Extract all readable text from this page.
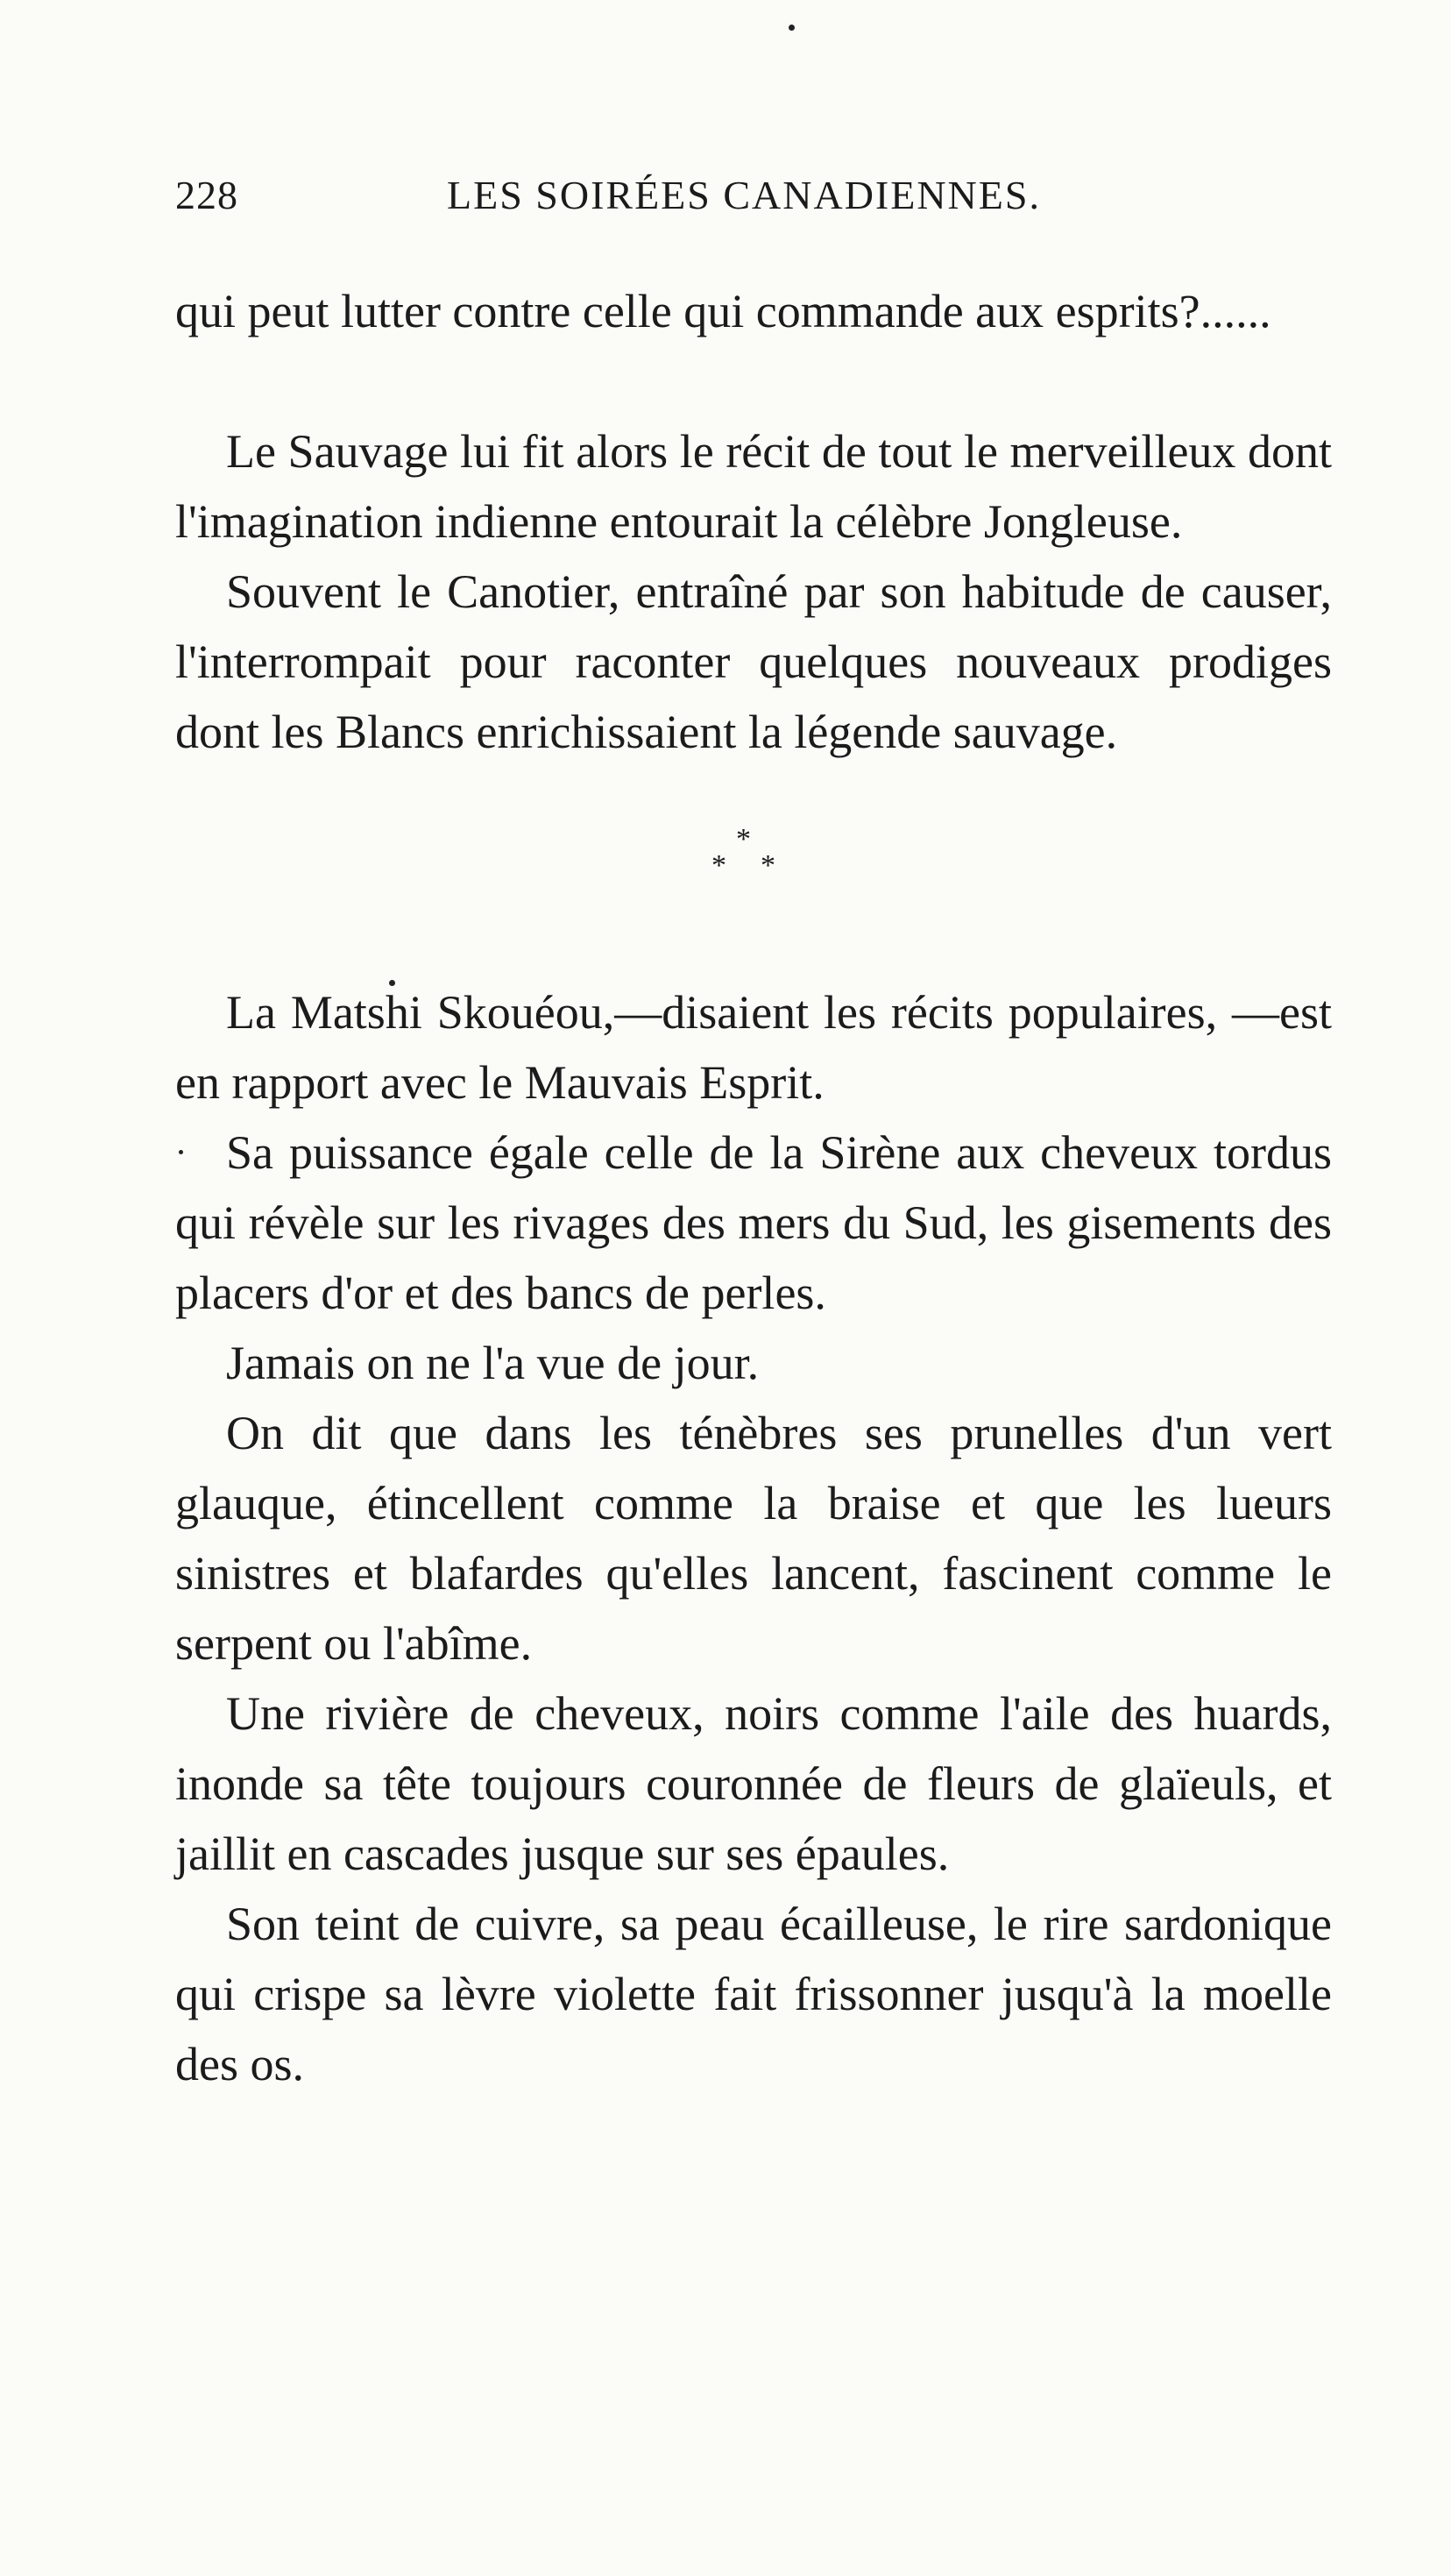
228	LES SOIRÉES CANADIENNES.

qui peut lutter contre celle qui commande aux esprits?......

Le Sauvage lui fit alors le récit de tout le merveilleux dont l'imagination indienne entourait la célèbre Jongleuse.

Souvent le Canotier, entraîné par son habitude de causer, l'interrompait pour raconter quelques nouveaux prodiges dont les Blancs enrichissaient la légende sauvage.

*
* *

La Matshi Skouéou,—disaient les récits populaires, —est en rapport avec le Mauvais Esprit.

Sa puissance égale celle de la Sirène aux cheveux tordus qui révèle sur les rivages des mers du Sud, les gisements des placers d'or et des bancs de perles.

Jamais on ne l'a vue de jour.

On dit que dans les ténèbres ses prunelles d'un vert glauque, étincellent comme la braise et que les lueurs sinistres et blafardes qu'elles lancent, fascinent comme le serpent ou l'abîme.

Une rivière de cheveux, noirs comme l'aile des huards, inonde sa tête toujours couronnée de fleurs de glaïeuls, et jaillit en cascades jusque sur ses épaules.

Son teint de cuivre, sa peau écailleuse, le rire sardonique qui crispe sa lèvre violette fait frissonner jusqu'à la moelle des os.
